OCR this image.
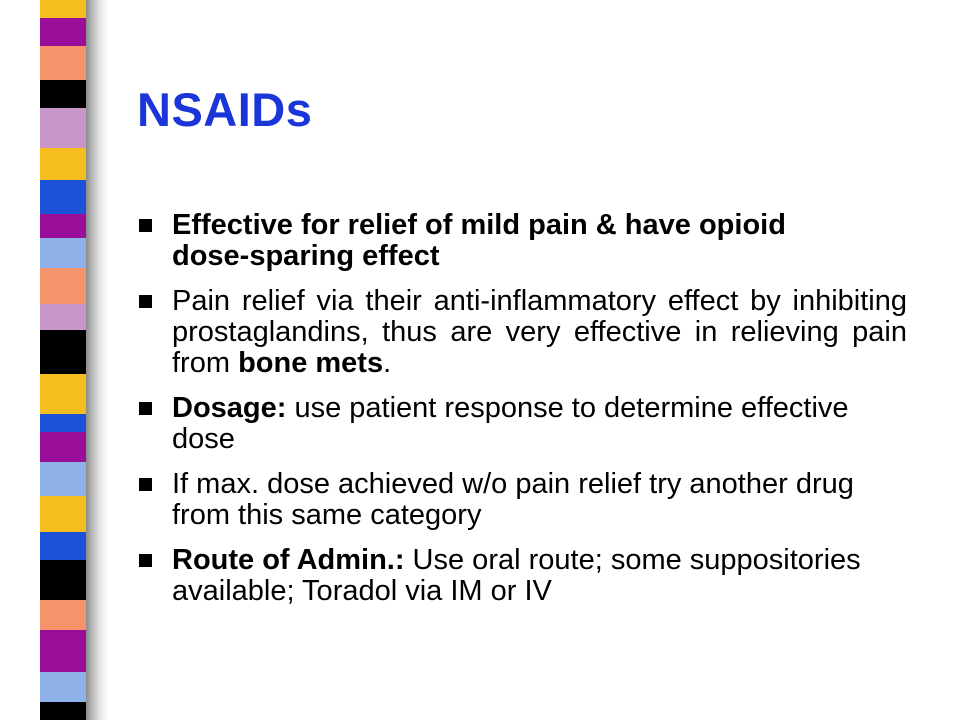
NSAIDs
Effective for relief of mild pain & have opioid dose-sparing effect
Pain relief via their anti-inflammatory effect by inhibiting prostaglandins, thus are very effective in relieving pain from bone mets.
Dosage: use patient response to determine effective dose
If max. dose achieved w/o pain relief try another drug from this same category
Route of Admin.: Use oral route; some suppositories available; Toradol via IM or IV
